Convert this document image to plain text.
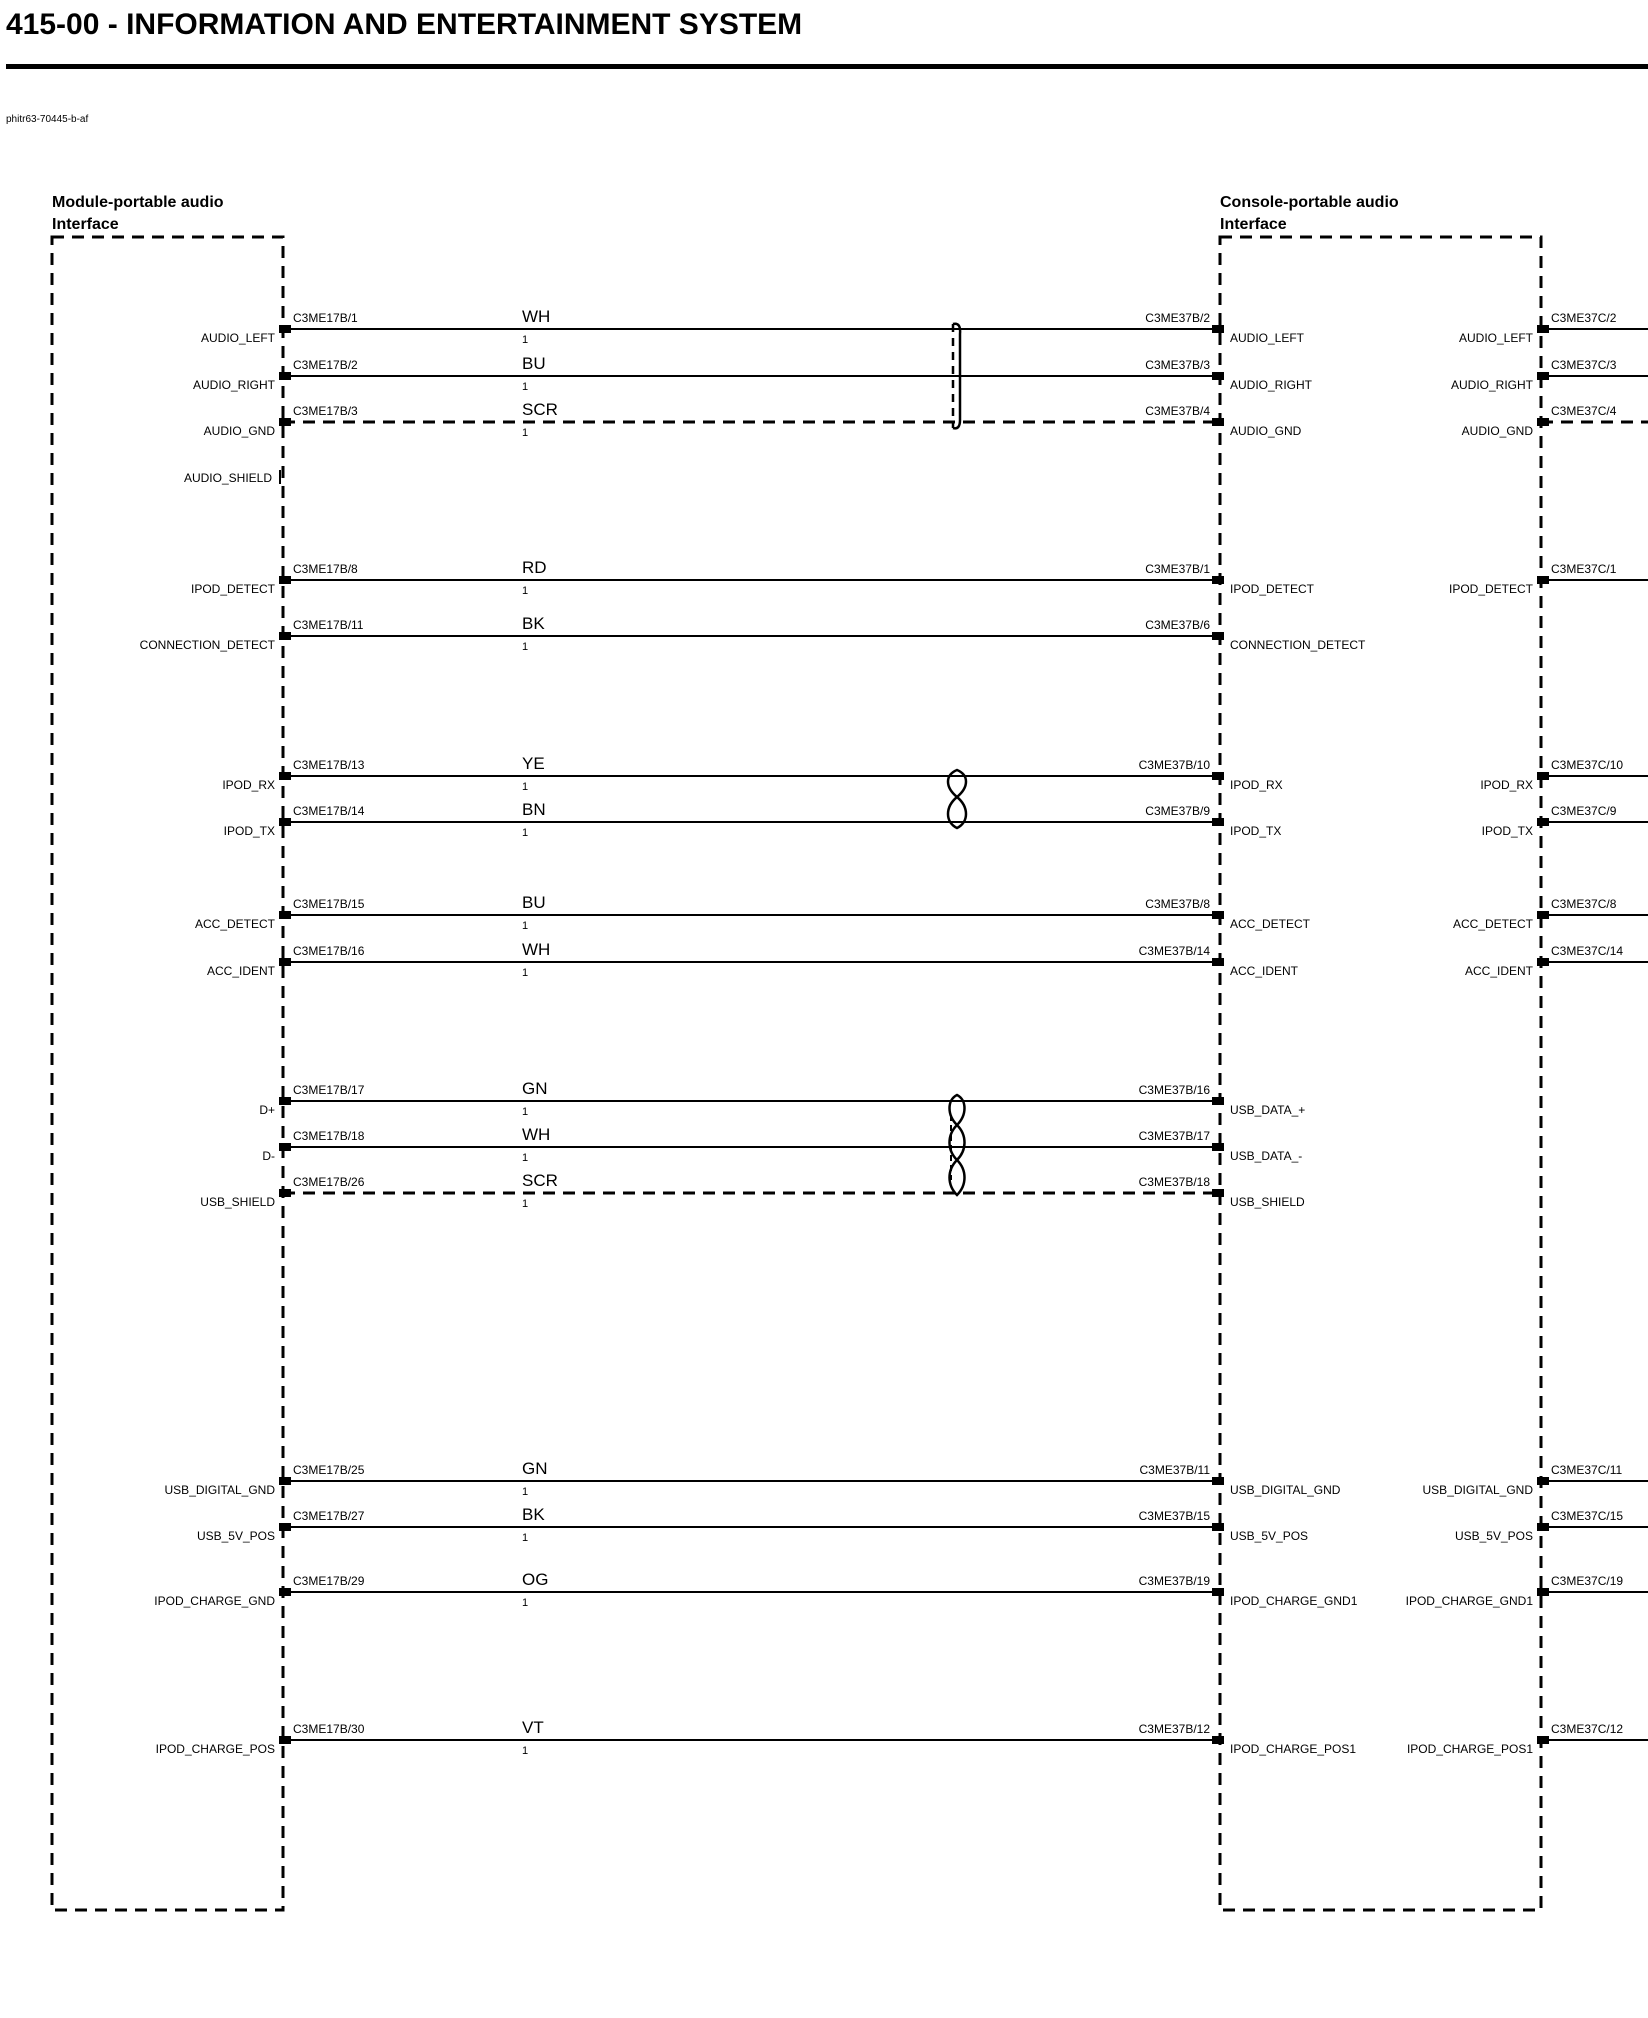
415-00 - INFORMATION AND ENTERTAINMENT SYSTEM
phitr63-70445-b-af
Module-portable audio
Interface
Console-portable audio
Interface
AUDIO_SHIELD
AUDIO_LEFT
C3ME17B/1	WH
1
C3ME37B/2
AUDIO_LEFT
C3ME37C/2
AUDIO_LEFT
AUDIO_RIGHT
C3ME17B/2	BU
1
C3ME37B/3
AUDIO_RIGHT
C3ME37C/3
AUDIO_RIGHT
AUDIO_GND
C3ME17B/3	SCR
1
C3ME37B/4
AUDIO_GND
C3ME37C/4
AUDIO_GND
IPOD_DETECT
C3ME17B/8	RD
1
C3ME37B/1
IPOD_DETECT
C3ME37C/1
IPOD_DETECT
CONNECTION_DETECT
C3ME17B/11	BK
1
C3ME37B/6
CONNECTION_DETECT
IPOD_RX
C3ME17B/13	YE
1
C3ME37B/10
IPOD_RX
C3ME37C/10
IPOD_RX
IPOD_TX
C3ME17B/14	BN
1
C3ME37B/9
IPOD_TX
C3ME37C/9
IPOD_TX
ACC_DETECT
C3ME17B/15	BU
1
C3ME37B/8
ACC_DETECT
C3ME37C/8
ACC_DETECT
ACC_IDENT
C3ME17B/16	WH
1
C3ME37B/14
ACC_IDENT
C3ME37C/14
ACC_IDENT
D+
C3ME17B/17	GN
1
C3ME37B/16
USB_DATA_+
D-
C3ME17B/18	WH
1
C3ME37B/17
USB_DATA_-
USB_SHIELD
C3ME17B/26	SCR
1
C3ME37B/18
USB_SHIELD
USB_DIGITAL_GND
C3ME17B/25	GN
1
C3ME37B/11
USB_DIGITAL_GND
C3ME37C/11
USB_DIGITAL_GND
USB_5V_POS
C3ME17B/27	BK
1
C3ME37B/15
USB_5V_POS
C3ME37C/15
USB_5V_POS
IPOD_CHARGE_GND
C3ME17B/29	OG
1
C3ME37B/19
IPOD_CHARGE_GND1
C3ME37C/19
IPOD_CHARGE_GND1
IPOD_CHARGE_POS
C3ME17B/30	VT
1
C3ME37B/12
IPOD_CHARGE_POS1
C3ME37C/12
IPOD_CHARGE_POS1
